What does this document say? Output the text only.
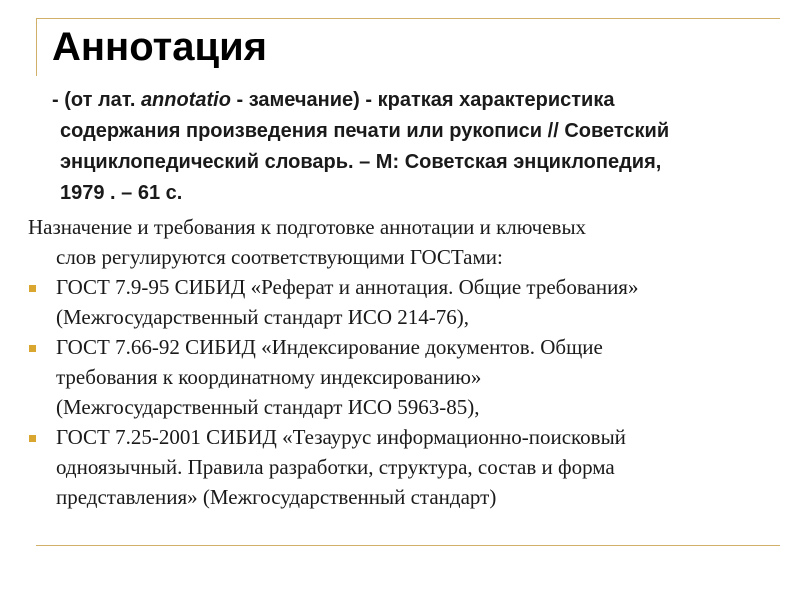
Аннотация
- (от лат. annotatio - замечание) - краткая характеристика
содержания произведения печати или рукописи // Советский
энциклопедический словарь. – М: Советская энциклопедия,
1979 . – 61 с.
Назначение и требования к подготовке аннотации и ключевых
слов регулируются соответствующими ГОСТами:
ГОСТ 7.9-95 СИБИД «Реферат и аннотация. Общие требования»
(Межгосударственный стандарт ИСО 214-76),
ГОСТ 7.66-92 СИБИД «Индексирование документов. Общие
требования к координатному индексированию»
(Межгосударственный стандарт ИСО 5963-85),
ГОСТ 7.25-2001 СИБИД «Тезаурус информационно-поисковый
одноязычный. Правила разработки, структура, состав и форма
представления» (Межгосударственный стандарт)
